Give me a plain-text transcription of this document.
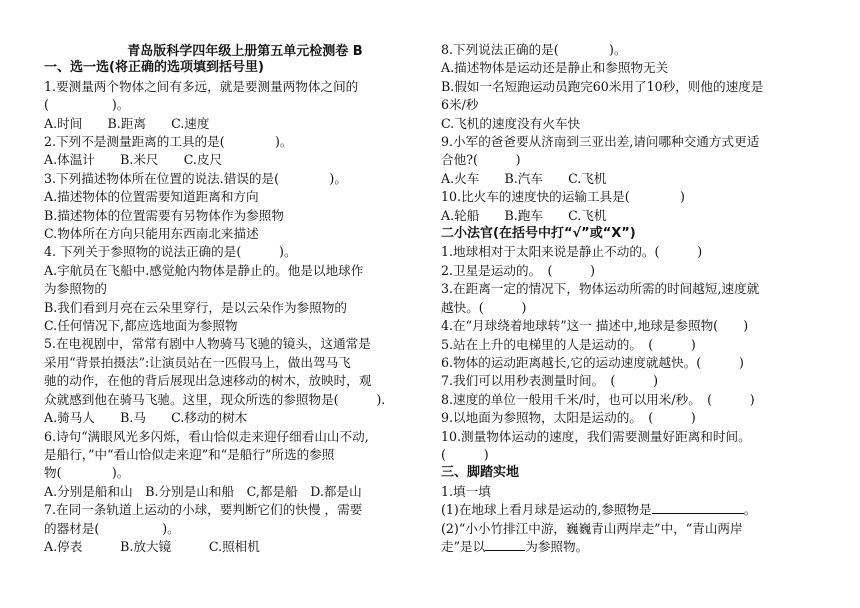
青岛版科学四年级上册第五单元检测卷 B
一、选一选(将正确的选项填到括号里)
1.要测量两个物体之间有多远，就是要测量两物体之间的
(　　　　　)。
A.时间　　B.距离　　C.速度
2.下列不是测量距离的工具的是(　　　　)。
A.体温计　　B.米尺　　C.皮尺
3.下列描述物体所在位置的说法.错误的是(　　　　)。
A.描述物体的位置需要知道距离和方向
B.描述物体的位置需要有另物体作为参照物
C.物体所在方向只能用东西南北来描述
4. 下列关于参照物的说法正确的是(　　　)。
A.宇航员在飞船中.感觉舱内物体是静止的。他是以地球作
为参照物的
B.我们看到月亮在云朵里穿行，是以云朵作为参照物的
C.任何情况下,都应选地面为参照物
5.在电视剧中，常常有剧中人物骑马飞驰的镜头，这通常是
采用“背景拍摄法”:让演员站在一匹假马上，做出驾马飞
驰的动作，在他的背后展现出急速移动的树木，放映时，观
众就感到他在骑马飞驰。这里，现众所选的参照物是(　　　).
A.骑马人　　B.马　　C.移动的树木
6.诗句“满眼风光多闪烁，看山恰似走来迎仔细看山山不动,
是船行，”中“看山恰似走来迎”和“是船行”所选的参照
物(　　　　)。
A.分别是船和山　B.分别是山和船　C,都是船　D.都是山
7.在同一条轨道上运动的小球，要判断它们的快慢 ，需要
的器材是(　　　　　)。
A.停表　　　B.放大镜　　　C.照相机
8.下列说法正确的是(　　　　)。
A.描述物体是运动还是静止和参照物无关
B.假如一名短跑运动员跑完60米用了10秒，则他的速度是
6米/秒
C.飞机的速度没有火车快
9.小军的爸爸要从济南到三亚出差,请问哪种交通方式更适
合他?(　　　)
A.火车　　B.汽车　　C.飞机
10.比火车的速度快的运输工具是(　　　　)
A.轮船　　B.跑车　　C.飞机
二小法官(在括号中打“√”或“X”)
1.地球相对于太阳来说是静止不动的。(　　　)
2.卫星是运动的。　(　　　)
3.在距离一定的情况下，物体运动所需的时间越短,速度就
越快。(　　　)
4.在“月球绕着地球转”这一 描述中,地球是参照物(　　)
5.站在上升的电梯里的人是运动的。　(　　　)
6.物体的运动距离越长,它的运动速度就越快。(　　　)
7.我们可以用秒表测量时间。　(　　　)
8.速度的单位一般用千米/时，也可以用米/秒。　(　　　)
9.以地面为参照物，太阳是运动的。　(　　　)
10.测量物体运动的速度，我们需要测量好距离和时间。
(　　　)
三、脚踏实地
1.填一填
(1)在地球上看月球是运动的,参照物是	。
(2)“小小竹排江中游，巍巍青山两岸走”中，“青山两岸
走”是以	为参照物。
